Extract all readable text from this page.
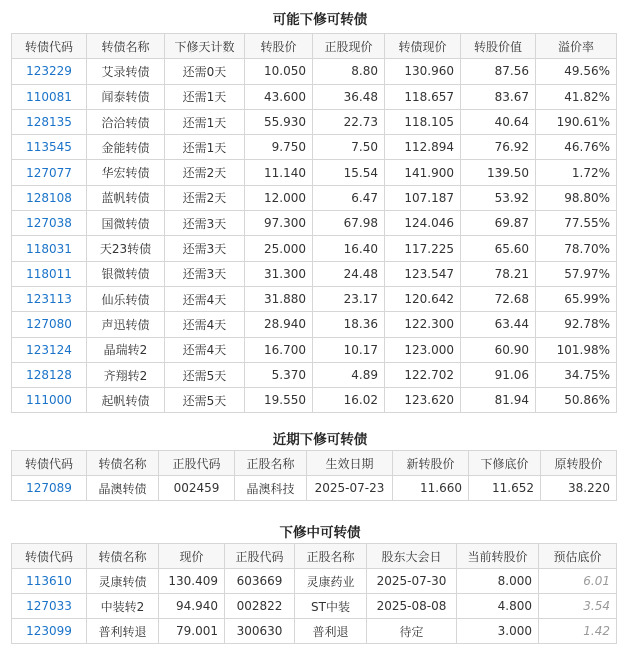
可能下修可转债
转债代码	转债名称	下修天计数	转股价	正股现价	转债现价	转股价值	溢价率
123229	艾录转债	还需0天	10.050	8.80	130.960	87.56	49.56%
110081	闻泰转债	还需1天	43.600	36.48	118.657	83.67	41.82%
128135	洽洽转债	还需1天	55.930	22.73	118.105	40.64	190.61%
113545	金能转债	还需1天	9.750	7.50	112.894	76.92	46.76%
127077	华宏转债	还需2天	11.140	15.54	141.900	139.50	1.72%
128108	蓝帆转债	还需2天	12.000	6.47	107.187	53.92	98.80%
127038	国微转债	还需3天	97.300	67.98	124.046	69.87	77.55%
118031	天23转债	还需3天	25.000	16.40	117.225	65.60	78.70%
118011	银微转债	还需3天	31.300	24.48	123.547	78.21	57.97%
123113	仙乐转债	还需4天	31.880	23.17	120.642	72.68	65.99%
127080	声迅转债	还需4天	28.940	18.36	122.300	63.44	92.78%
123124	晶瑞转2	还需4天	16.700	10.17	123.000	60.90	101.98%
128128	齐翔转2	还需5天	5.370	4.89	122.702	91.06	34.75%
111000	起帆转债	还需5天	19.550	16.02	123.620	81.94	50.86%
近期下修可转债
转债代码	转债名称	正股代码	正股名称	生效日期	新转股价	下修底价	原转股价
127089	晶澳转债	002459	晶澳科技	2025-07-23	11.660	11.652	38.220
下修中可转债
转债代码	转债名称	现价	正股代码	正股名称	股东大会日	当前转股价	预估底价
113610	灵康转债	130.409	603669	灵康药业	2025-07-30	8.000	6.01
127033	中装转2	94.940	002822	ST中装	2025-08-08	4.800	3.54
123099	普利转退	79.001	300630	普利退	待定	3.000	1.42
